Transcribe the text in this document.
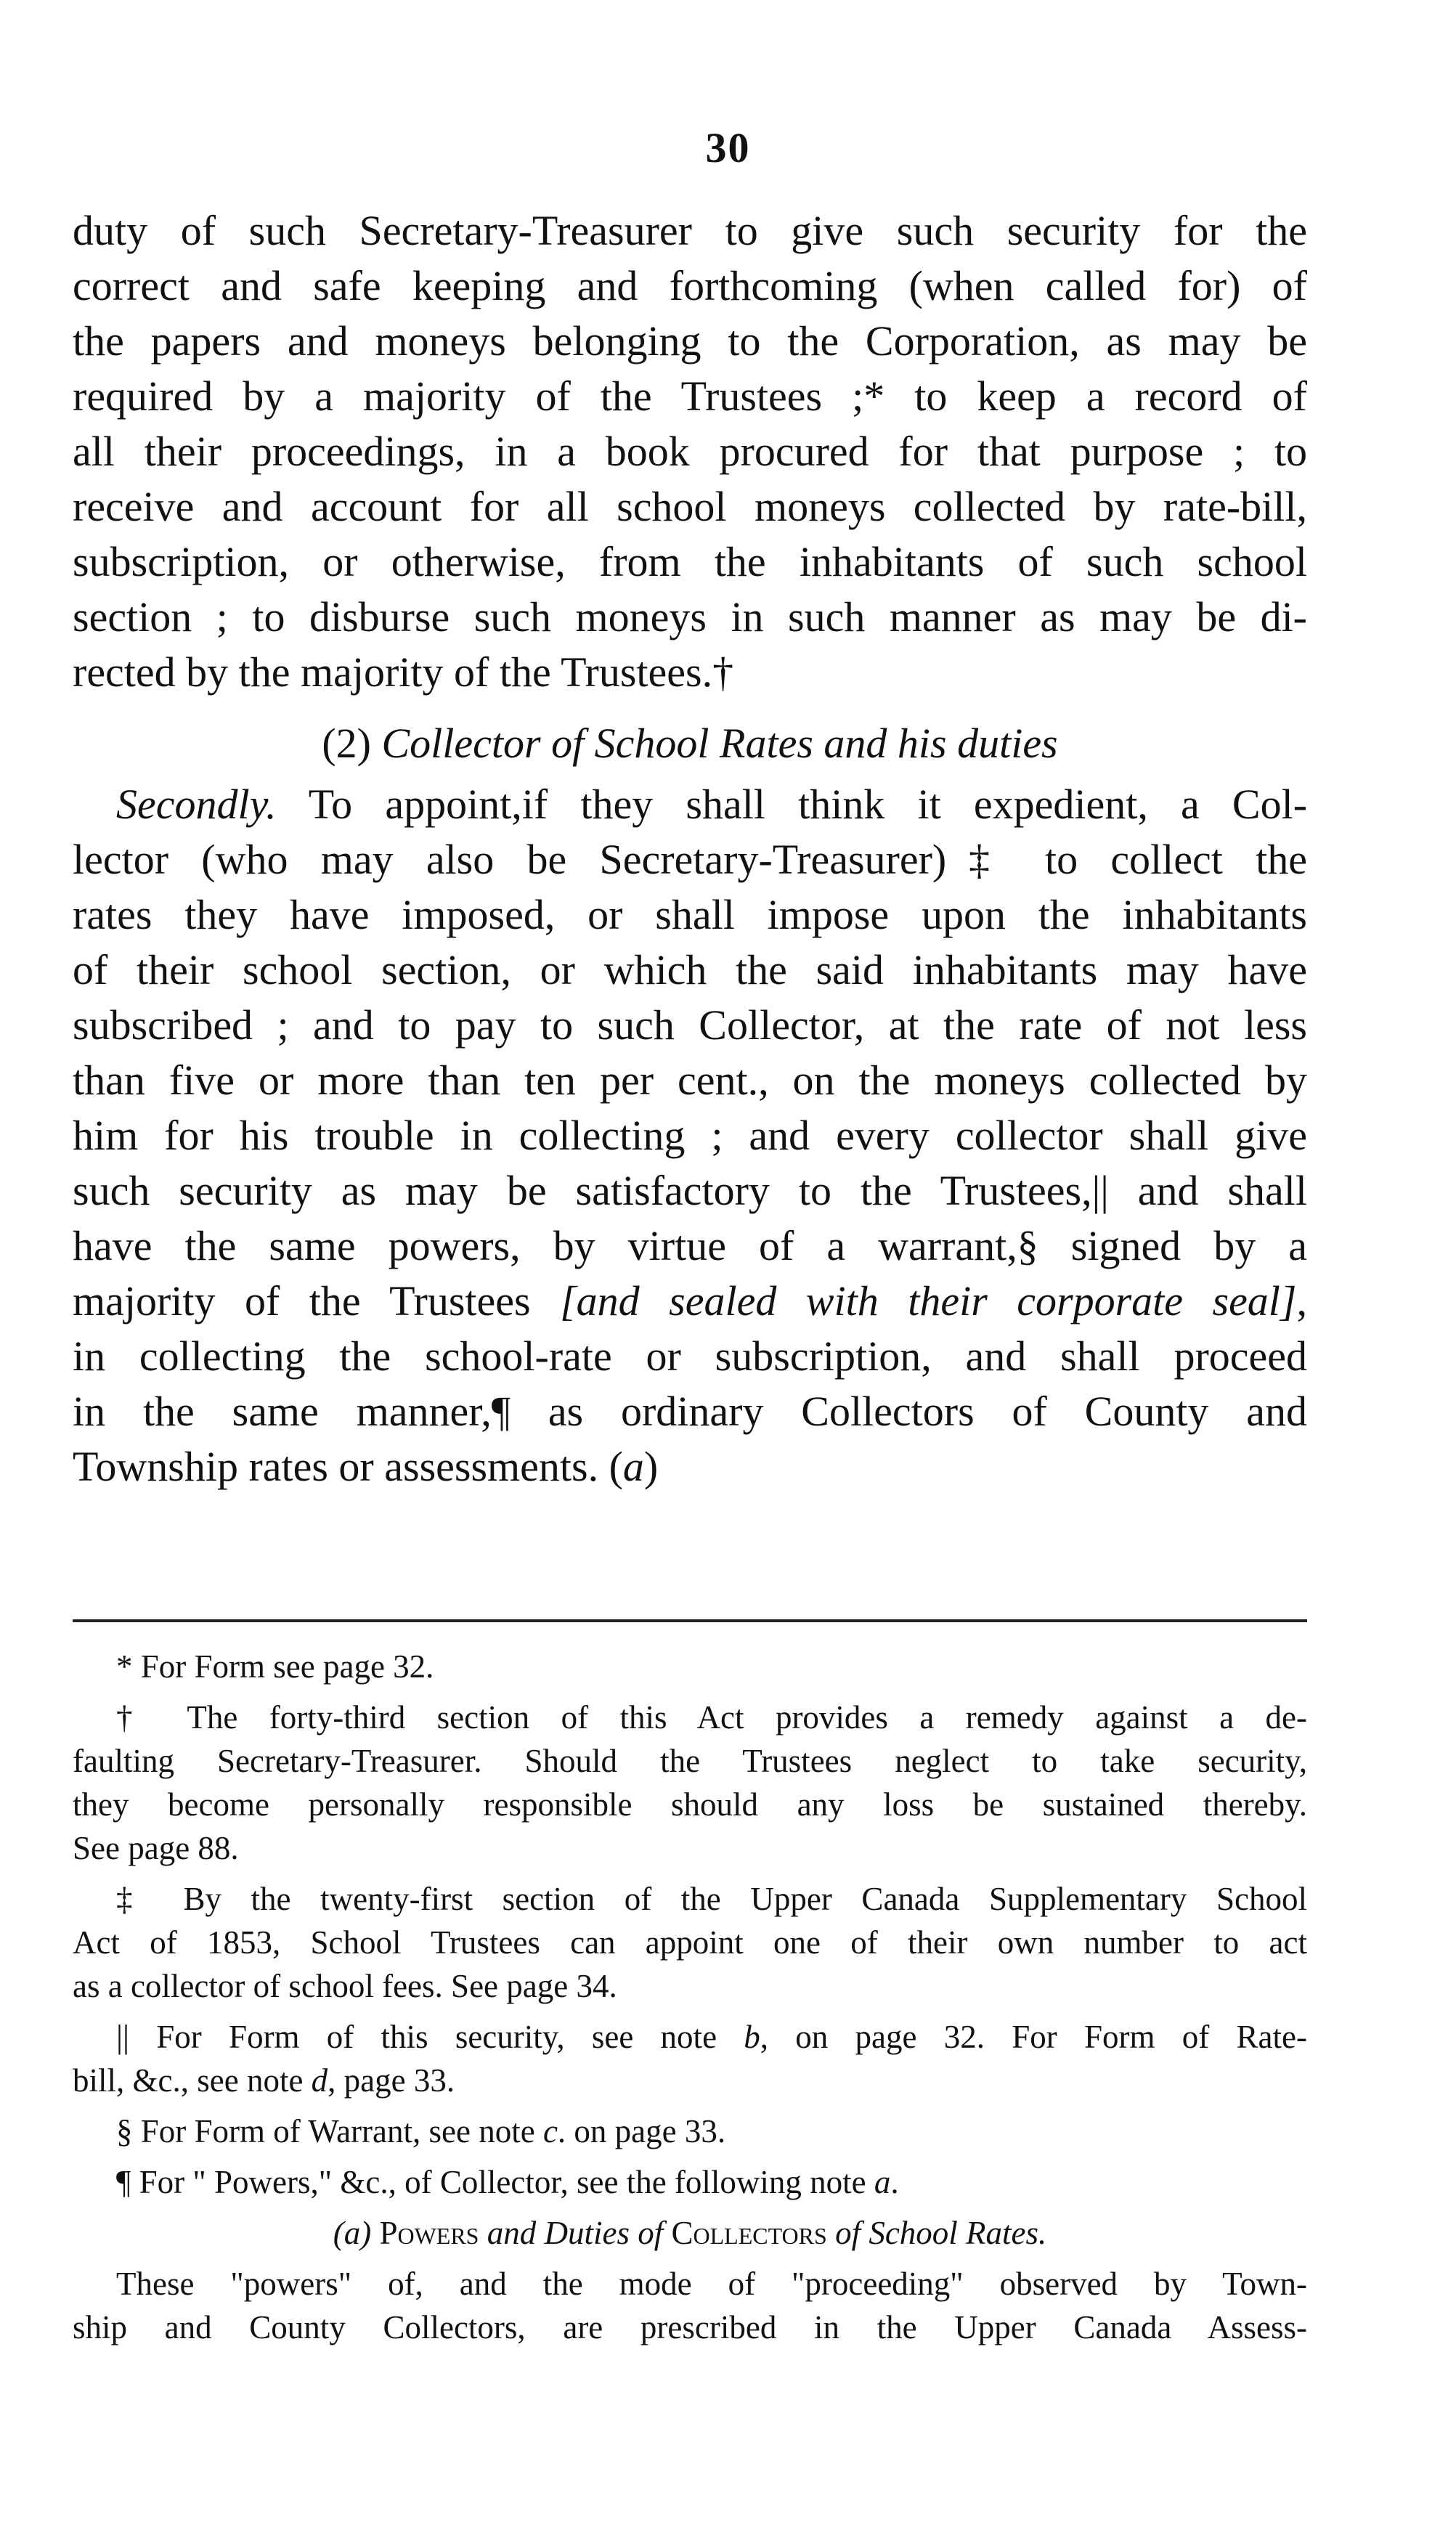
30
duty of such Secretary-Treasurer to give such security for the
correct and safe keeping and forthcoming (when called for) of
the papers and moneys belonging to the Corporation, as may be
required by a majority of the Trustees ;* to keep a record of
all their proceedings, in a book procured for that purpose ; to
receive and account for all school moneys collected by rate-bill,
subscription, or otherwise, from the inhabitants of such school
section ; to disburse such moneys in such manner as may be di-
rected by the majority of the Trustees.†
(2) Collector of School Rates and his duties
Secondly. To appoint,if they shall think it expedient, a Col-
lector (who may also be Secretary-Treasurer)‡ to collect the
rates they have imposed, or shall impose upon the inhabitants
of their school section, or which the said inhabitants may have
subscribed ; and to pay to such Collector, at the rate of not less
than five or more than ten per cent., on the moneys collected by
him for his trouble in collecting ; and every collector shall give
such security as may be satisfactory to the Trustees,|| and shall
have the same powers, by virtue of a warrant,§ signed by a
majority of the Trustees [and sealed with their corporate seal],
in collecting the school-rate or subscription, and shall proceed
in the same manner,¶ as ordinary Collectors of County and
Township rates or assessments. (a)
* For Form see page 32.
† The forty-third section of this Act provides a remedy against a de-
faulting Secretary-Treasurer. Should the Trustees neglect to take security,
they become personally responsible should any loss be sustained thereby.
See page 88.
‡ By the twenty-first section of the Upper Canada Supplementary School
Act of 1853, School Trustees can appoint one of their own number to act
as a collector of school fees. See page 34.
|| For Form of this security, see note b, on page 32. For Form of Rate-
bill, &c., see note d, page 33.
§ For Form of Warrant, see note c. on page 33.
¶ For " Powers," &c., of Collector, see the following note a.
(a) Powers and Duties of Collectors of School Rates.
These "powers" of, and the mode of "proceeding" observed by Town-
ship and County Collectors, are prescribed in the Upper Canada Assess-
